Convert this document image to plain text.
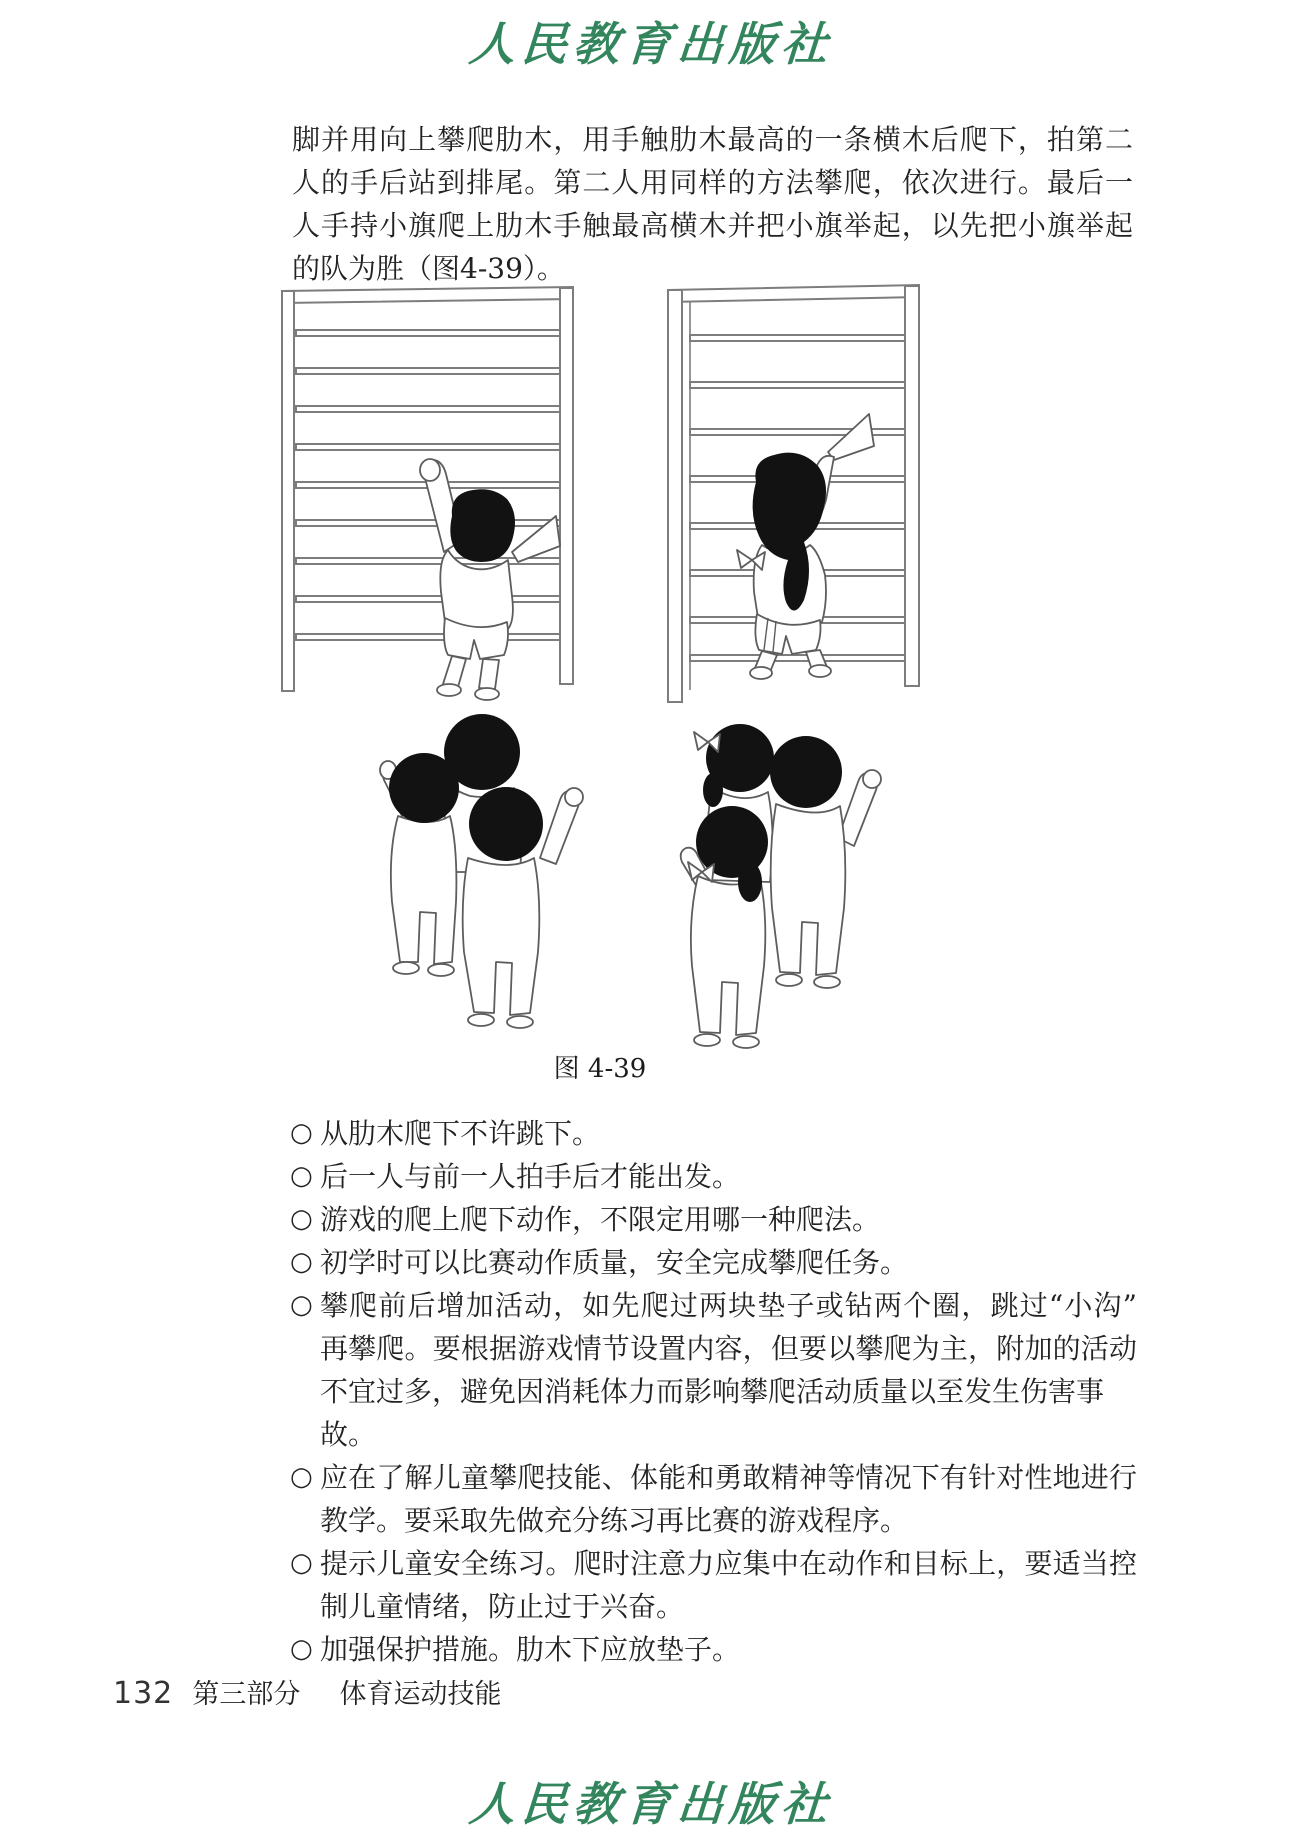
人民教育出版社
脚并用向上攀爬肋木，用手触肋木最高的一条横木后爬下，拍第二
人的手后站到排尾。第二人用同样的方法攀爬，依次进行。最后一
人手持小旗爬上肋木手触最高横木并把小旗举起，以先把小旗举起
的队为胜（图4-39）。
图 4-39
○ 从肋木爬下不许跳下。
○ 后一人与前一人拍手后才能出发。
○ 游戏的爬上爬下动作，不限定用哪一种爬法。
○ 初学时可以比赛动作质量，安全完成攀爬任务。
○ 攀爬前后增加活动，如先爬过两块垫子或钻两个圈，跳过“小沟”
再攀爬。要根据游戏情节设置内容，但要以攀爬为主，附加的活动
不宜过多，避免因消耗体力而影响攀爬活动质量以至发生伤害事故。
○ 应在了解儿童攀爬技能、体能和勇敢精神等情况下有针对性地进行
教学。要采取先做充分练习再比赛的游戏程序。
○ 提示儿童安全练习。爬时注意力应集中在动作和目标上，要适当控
制儿童情绪，防止过于兴奋。
○ 加强保护措施。肋木下应放垫子。
132 第三部分 体育运动技能
人民教育出版社
